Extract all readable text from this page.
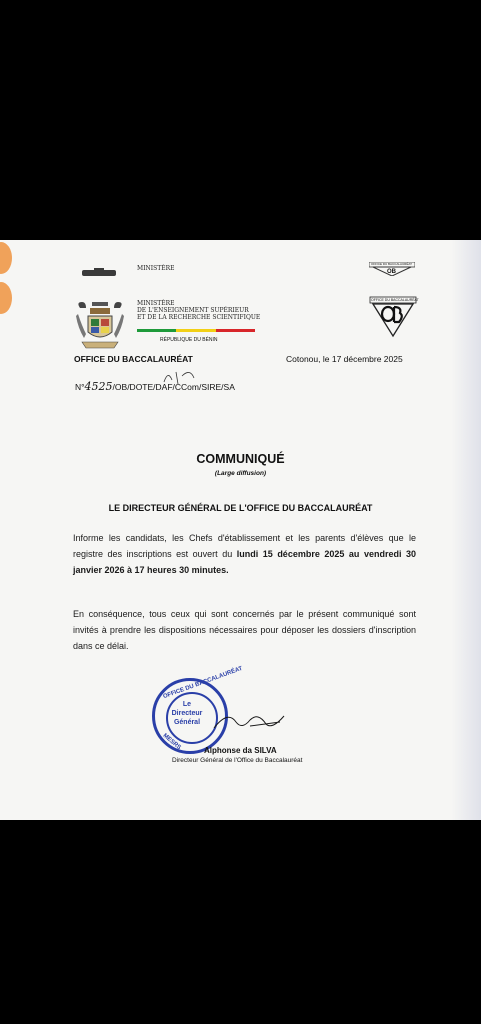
MINISTÈRE	OB
OFFICE DU BACCALAURÉAT
MINISTÈRE
DE L'ENSEIGNEMENT SUPÉRIEUR
ET DE LA RECHERCHE SCIENTIFIQUE
RÉPUBLIQUE DU BÉNIN
OFFICE DU BACCALAURÉAT
OFFICE DU BACCALAURÉAT	Cotonou, le 17 décembre 2025
N°4525/OB/DOTE/DAF/CCom/SIRE/SA
COMMUNIQUÉ
(Large diffusion)
LE DIRECTEUR GÉNÉRAL DE L'OFFICE DU BACCALAURÉAT
Informe les candidats, les Chefs d'établissement et les parents d'élèves que le registre des inscriptions est ouvert du lundi 15 décembre 2025 au vendredi 30 janvier 2026 à 17 heures 30 minutes.
En conséquence, tous ceux qui sont concernés par le présent communiqué sont invités à prendre les dispositions nécessaires pour déposer les dossiers d'inscription dans ce délai.
OFFICE DU BACCALAURÉAT
MESRS
Le
Directeur
Général
Alphonse da SILVA
Directeur Général de l'Office du Baccalauréat
